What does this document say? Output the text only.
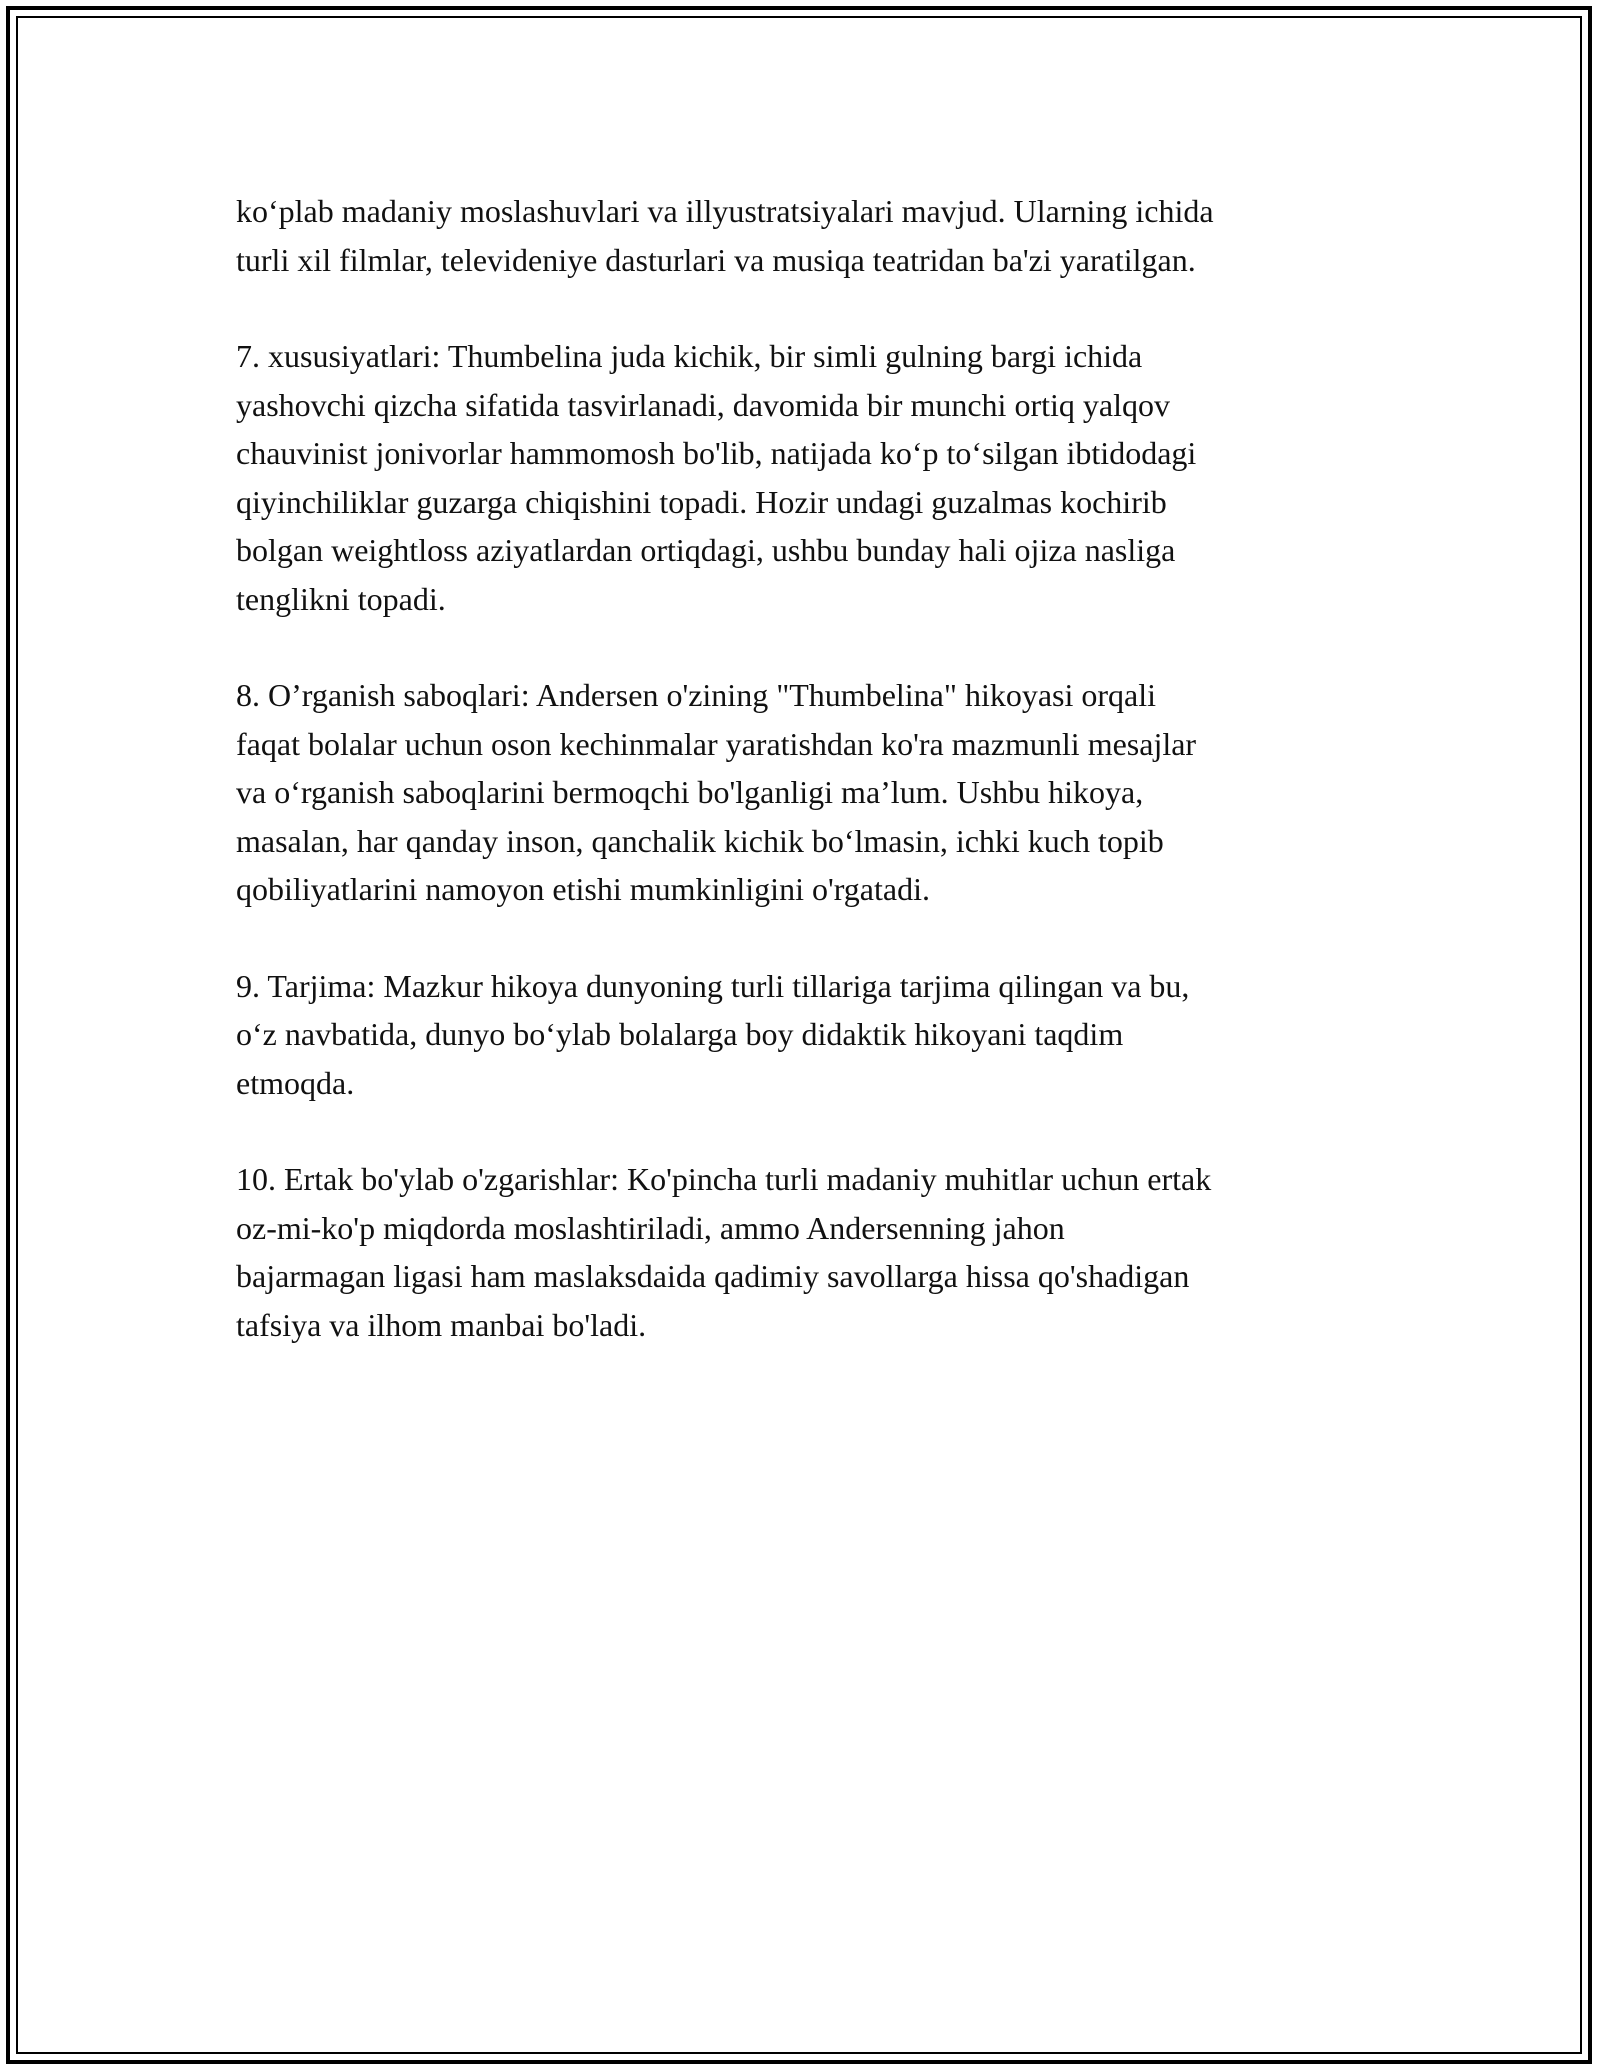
ko‘plab madaniy moslashuvlari va illyustratsiyalari mavjud. Ularning ichida
turli xil filmlar, televideniye dasturlari va musiqa teatridan ba'zi yaratilgan.

7. xususiyatlari: Thumbelina juda kichik, bir simli gulning bargi ichida
yashovchi qizcha sifatida tasvirlanadi, davomida bir munchi ortiq yalqov
chauvinist jonivorlar hammomosh bo'lib, natijada ko‘p to‘silgan ibtidodagi
qiyinchiliklar guzarga chiqishini topadi. Hozir undagi guzalmas kochirib
bolgan weightloss aziyatlardan ortiqdagi, ushbu bunday hali ojiza nasliga
tenglikni topadi.

8. O’rganish saboqlari: Andersen o'zining "Thumbelina" hikoyasi orqali
faqat bolalar uchun oson kechinmalar yaratishdan ko'ra mazmunli mesajlar
va o‘rganish saboqlarini bermoqchi bo'lganligi ma’lum. Ushbu hikoya,
masalan, har qanday inson, qanchalik kichik bo‘lmasin, ichki kuch topib
qobiliyatlarini namoyon etishi mumkinligini o'rgatadi.

9. Tarjima: Mazkur hikoya dunyoning turli tillariga tarjima qilingan va bu,
o‘z navbatida, dunyo bo‘ylab bolalarga boy didaktik hikoyani taqdim
etmoqda.

10. Ertak bo'ylab o'zgarishlar: Ko'pincha turli madaniy muhitlar uchun ertak
oz-mi-ko'p miqdorda moslashtiriladi, ammo Andersenning jahon
bajarmagan ligasi ham maslaksdaida qadimiy savollarga hissa qo'shadigan
tafsiya va ilhom manbai bo'ladi.
